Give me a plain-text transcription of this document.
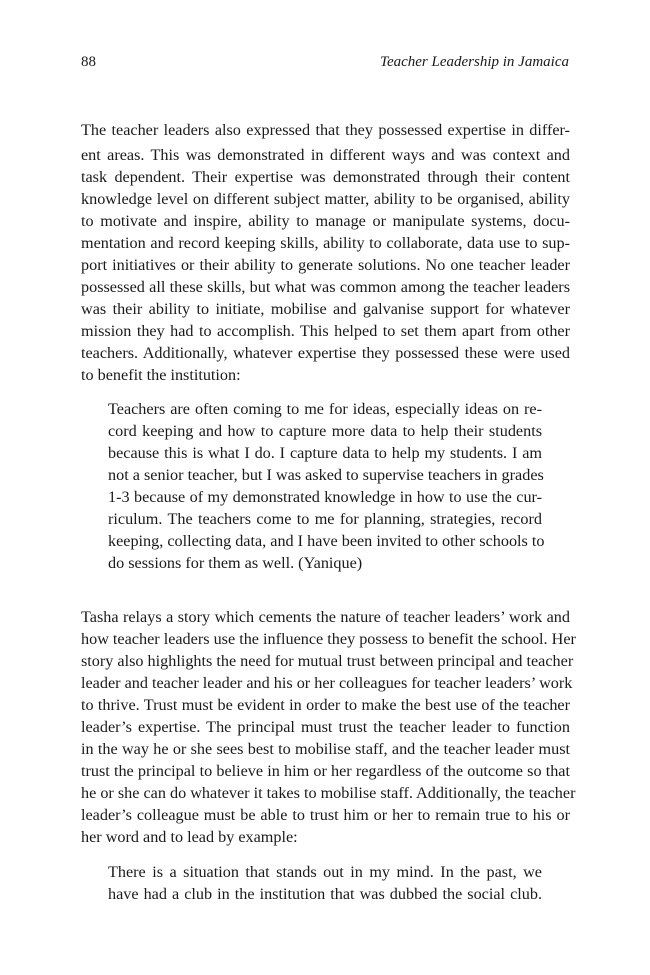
88	Teacher Leadership in Jamaica
The teacher leaders also expressed that they possessed expertise in differ-
ent areas. This was demonstrated in different ways and was context and
task dependent. Their expertise was demonstrated through their content
knowledge level on different subject matter, ability to be organised, ability
to motivate and inspire, ability to manage or manipulate systems, docu-
mentation and record keeping skills, ability to collaborate, data use to sup-
port initiatives or their ability to generate solutions. No one teacher leader
possessed all these skills, but what was common among the teacher leaders
was their ability to initiate, mobilise and galvanise support for whatever
mission they had to accomplish. This helped to set them apart from other
teachers. Additionally, whatever expertise they possessed these were used
to benefit the institution:
Teachers are often coming to me for ideas, especially ideas on re-
cord keeping and how to capture more data to help their students
because this is what I do. I capture data to help my students. I am
not a senior teacher, but I was asked to supervise teachers in grades
1-3 because of my demonstrated knowledge in how to use the cur-
riculum. The teachers come to me for planning, strategies, record
keeping, collecting data, and I have been invited to other schools to
do sessions for them as well. (Yanique)
Tasha relays a story which cements the nature of teacher leaders’ work and
how teacher leaders use the influence they possess to benefit the school. Her
story also highlights the need for mutual trust between principal and teacher
leader and teacher leader and his or her colleagues for teacher leaders’ work
to thrive. Trust must be evident in order to make the best use of the teacher
leader’s expertise. The principal must trust the teacher leader to function
in the way he or she sees best to mobilise staff, and the teacher leader must
trust the principal to believe in him or her regardless of the outcome so that
he or she can do whatever it takes to mobilise staff. Additionally, the teacher
leader’s colleague must be able to trust him or her to remain true to his or
her word and to lead by example:
There is a situation that stands out in my mind. In the past, we
have had a club in the institution that was dubbed the social club.
